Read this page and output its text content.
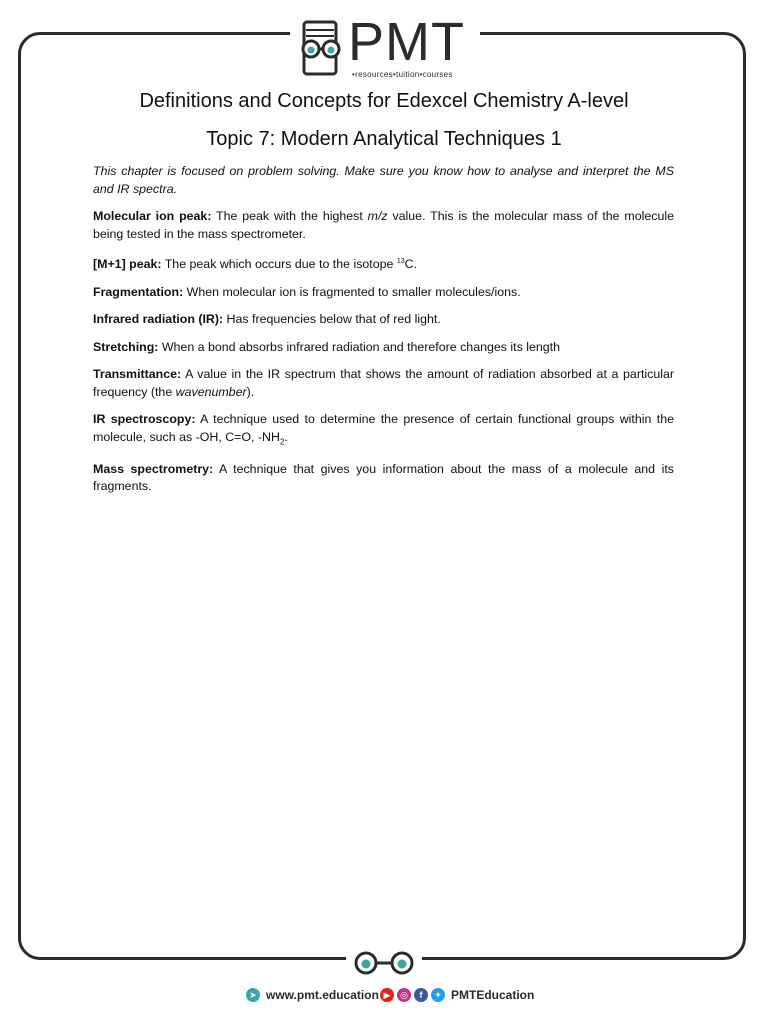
PMT
•resources•tuition•courses
Definitions and Concepts for Edexcel Chemistry A-level
Topic 7: Modern Analytical Techniques 1

This chapter is focused on problem solving. Make sure you know how to analyse and interpret the MS and IR spectra.

Molecular ion peak: The peak with the highest m/z value. This is the molecular mass of the molecule being tested in the mass spectrometer.

[M+1] peak: The peak which occurs due to the isotope $^{13}$C.

Fragmentation: When molecular ion is fragmented to smaller molecules/ions.

Infrared radiation (IR): Has frequencies below that of red light.

Stretching: When a bond absorbs infrared radiation and therefore changes its length

Transmittance: A value in the IR spectrum that shows the amount of radiation absorbed at a particular frequency (the wavenumber).

IR spectroscopy: A technique used to determine the presence of certain functional groups within the molecule, such as -OH, C=O, $-NH_2$.

Mass spectrometry: A technique that gives you information about the mass of a molecule and its fragments.

➤ www.pmt.education ▶	◎	f	✦ PMTEducation
